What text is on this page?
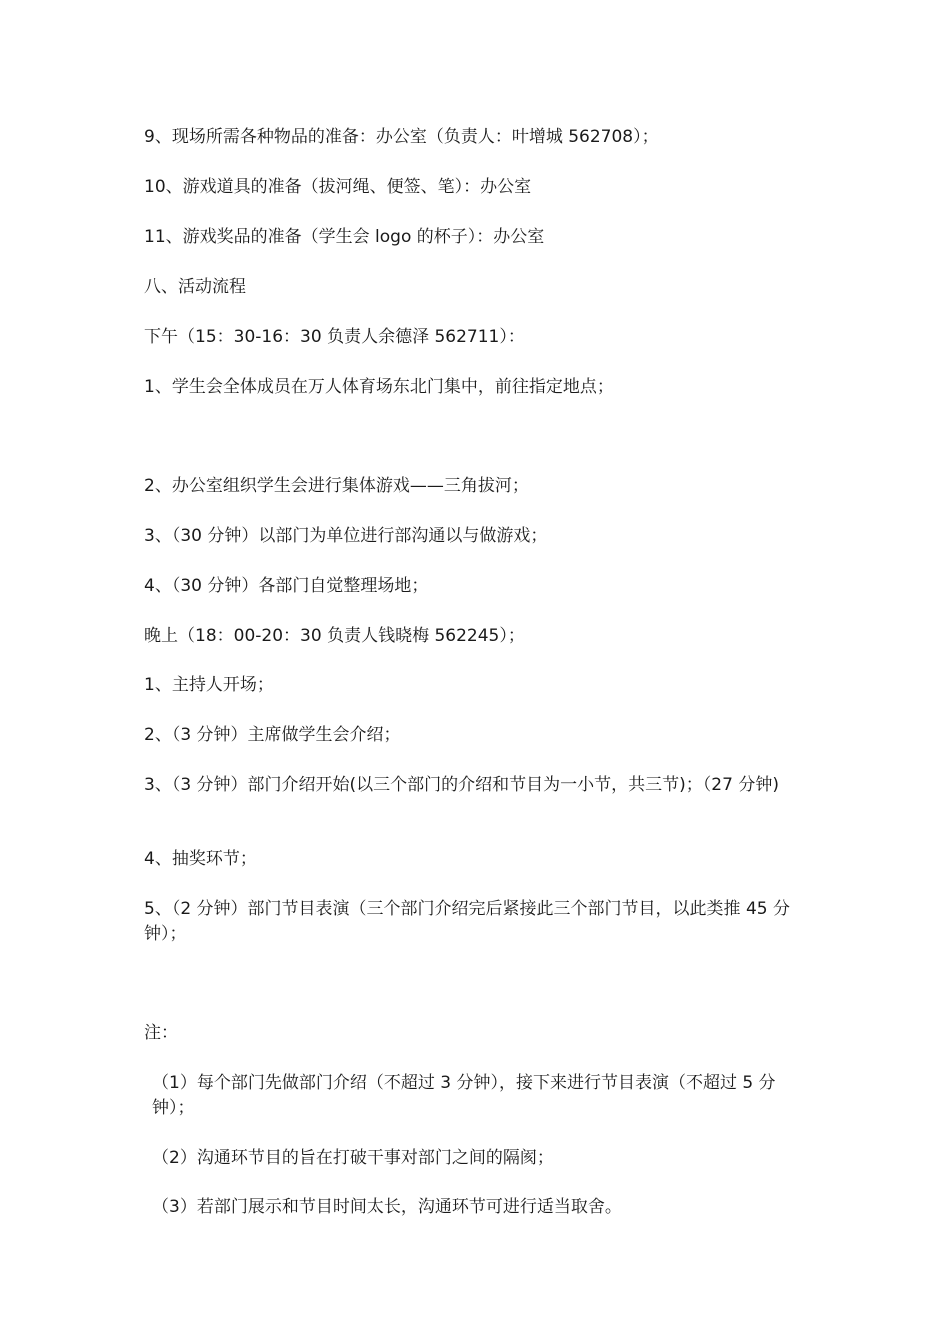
9、现场所需各种物品的准备：办公室（负责人：叶增城 562708）；
10、游戏道具的准备（拔河绳、便签、笔）：办公室
11、游戏奖品的准备（学生会 logo 的杯子）：办公室
八、活动流程
下午（15：30-16：30 负责人余德泽 562711）：
1、学生会全体成员在万人体育场东北门集中，前往指定地点；
2、办公室组织学生会进行集体游戏——三角拔河；
3、（30 分钟）以部门为单位进行部沟通以与做游戏；
4、（30 分钟）各部门自觉整理场地；
晚上（18：00-20：30 负责人钱晓梅 562245）；
1、主持人开场；
2、（3 分钟）主席做学生会介绍；
3、（3 分钟）部门介绍开始(以三个部门的介绍和节目为一小节，共三节)；（27 分钟)
4、抽奖环节；
5、（2 分钟）部门节目表演（三个部门介绍完后紧接此三个部门节目，以此类推 45 分钟）；
注：
（1）每个部门先做部门介绍（不超过 3 分钟），接下来进行节目表演（不超过 5 分钟）；
（2）沟通环节目的旨在打破干事对部门之间的隔阂；
（3）若部门展示和节目时间太长，沟通环节可进行适当取舍。
